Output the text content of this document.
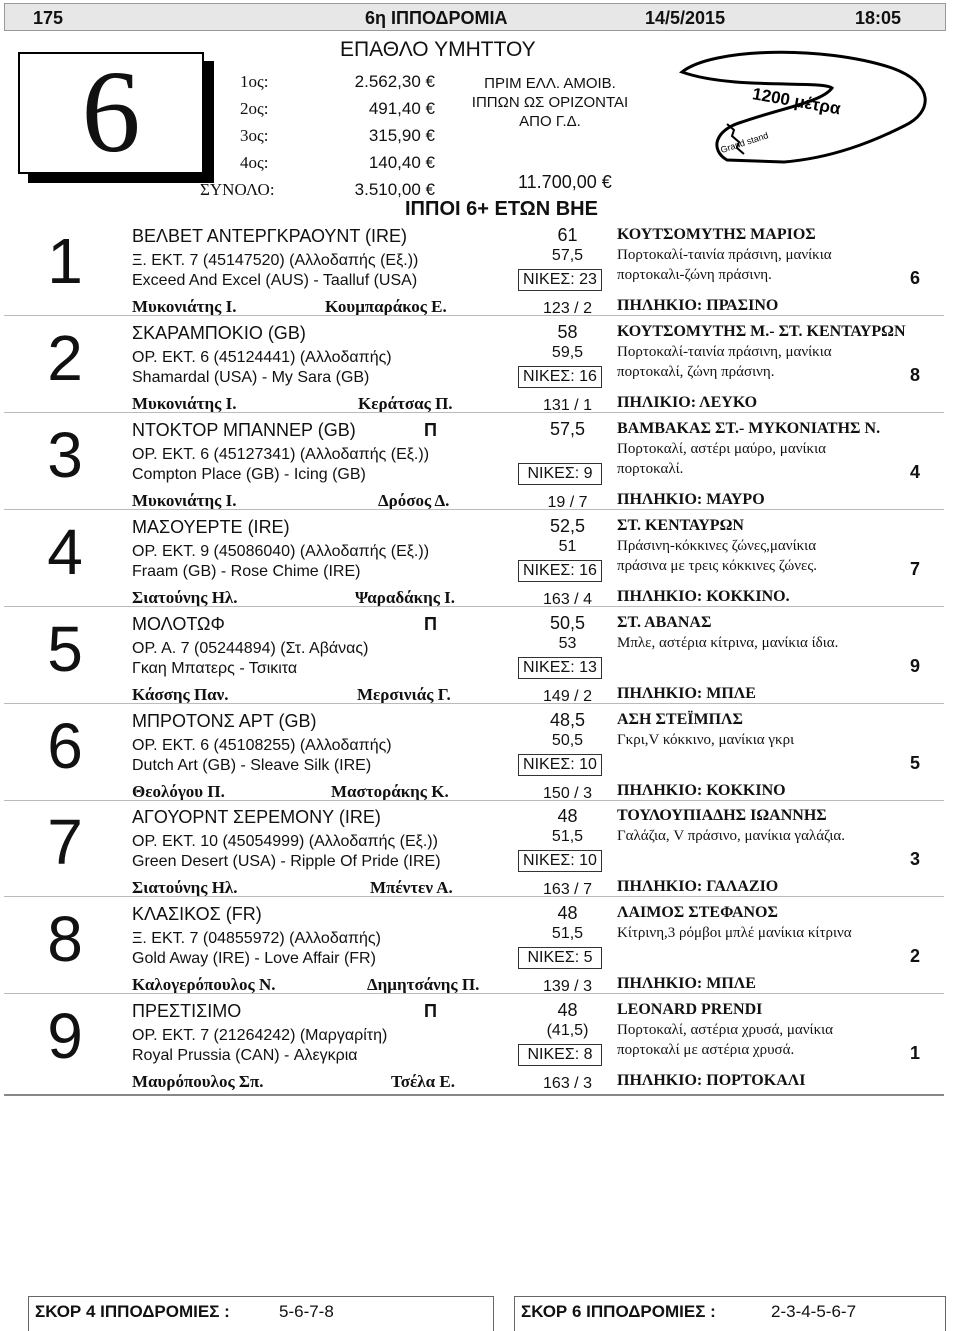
175	6η ΙΠΠΟΔΡΟΜΙΑ	14/5/2015	18:05
ΕΠΑΘΛΟ ΥΜΗΤΤΟΥ
6	1ος:	2.562,30 €
2ος:	491,40 €
3ος:	315,90 €
4ος:	140,40 €
ΣΥΝΟΛΟ:	3.510,00 €
ΠΡΙΜ ΕΛΛ. ΑΜΟΙΒ.
ΙΠΠΩΝ ΩΣ ΟΡΙΖΟΝΤΑΙ
ΑΠΟ Γ.Δ.
11.700,00 €
1200 μέτρα
Grand stand
ΙΠΠΟΙ 6+ ΕΤΩΝ ΒΗΕ
1	ΒΕΛΒΕΤ ΑΝΤΕΡΓΚΡΑΟΥΝΤ (IRE)
Ξ. ΕΚΤ. 7 (45147520) (Αλλοδαπής (Εξ.))
Exceed And Excel (AUS) - Taalluf (USA)
Μυκονιάτης Ι.	Κουμπαράκος Ε.
61
57,5
ΝΙΚΕΣ: 23
123 / 2
ΚΟΥΤΣΟΜΥΤΗΣ ΜΑΡΙΟΣ
Πορτοκαλί-ταινία πράσινη, μανίκια
πορτοκαλι-ζώνη πράσινη.
ΠΗΛΗΚΙΟ: ΠΡΑΣΙΝΟ
6
2	ΣΚΑΡΑΜΠΟΚΙΟ (GB)
ΟΡ. ΕΚΤ. 6 (45124441) (Αλλοδαπής)
Shamardal (USA) - My Sara (GB)
Μυκονιάτης Ι.	Κεράτσας Π.
58
59,5
ΝΙΚΕΣ: 16
131 / 1
ΚΟΥΤΣΟΜΥΤΗΣ Μ.- ΣΤ. ΚΕΝΤΑΥΡΩΝ
Πορτοκαλί-ταινία πράσινη, μανίκια
πορτοκαλί, ζώνη πράσινη.
ΠΗΛΙΚΙΟ: ΛΕΥΚΟ
8
3	ΝΤΟΚΤΟΡ ΜΠΑΝΝΕΡ (GB)	Π
ΟΡ. ΕΚΤ. 6 (45127341) (Αλλοδαπής (Εξ.))
Compton Place (GB) - Icing (GB)
Μυκονιάτης Ι.	Δρόσος Δ.
57,5
ΝΙΚΕΣ: 9
19 / 7
ΒΑΜΒΑΚΑΣ ΣΤ.- ΜΥΚΟΝΙΑΤΗΣ Ν.
Πορτοκαλί, αστέρι μαύρο, μανίκια
πορτοκαλί.
ΠΗΛΗΚΙΟ: ΜΑΥΡΟ
4
4	ΜΑΣΟΥΕΡΤΕ (IRE)
ΟΡ. ΕΚΤ. 9 (45086040) (Αλλοδαπής (Εξ.))
Fraam (GB) - Rose Chime (IRE)
Σιατούνης Ηλ.	Ψαραδάκης Ι.
52,5
51
ΝΙΚΕΣ: 16
163 / 4
ΣΤ. ΚΕΝΤΑΥΡΩΝ
Πράσινη-κόκκινες ζώνες,μανίκια
πράσινα με τρεις κόκκινες ζώνες.
ΠΗΛΗΚΙΟ: ΚΟΚΚΙΝΟ.
7
5	ΜΟΛΟΤΩΦ	Π
ΟΡ. Α. 7 (05244894) (Στ. Αβάνας)
Γκαη Μπατερς - Τσικιτα
Κάσσης Παν.	Μερσινιάς Γ.
50,5
53
ΝΙΚΕΣ: 13
149 / 2
ΣΤ. ΑΒΑΝΑΣ
Μπλε, αστέρια κίτρινα, μανίκια ίδια.
ΠΗΛΗΚΙΟ: ΜΠΛΕ
9
6	ΜΠΡΟΤΟΝΣ ΑΡΤ (GB)
ΟΡ. ΕΚΤ. 6 (45108255) (Αλλοδαπής)
Dutch Art (GB) - Sleave Silk (IRE)
Θεολόγου Π.	Μαστοράκης Κ.
48,5
50,5
ΝΙΚΕΣ: 10
150 / 3
ΑΣΗ ΣΤΕΪΜΠΛΣ
Γκρι,V κόκκινο, μανίκια γκρι
ΠΗΛΗΚΙΟ: ΚΟΚΚΙΝΟ
5
7	ΑΓΟΥΟΡΝΤ ΣΕΡΕΜΟΝΥ (IRE)
ΟΡ. ΕΚΤ. 10 (45054999) (Αλλοδαπής (Εξ.))
Green Desert (USA) - Ripple Of Pride (IRE)
Σιατούνης Ηλ.	Μπέντεν Α.
48
51,5
ΝΙΚΕΣ: 10
163 / 7
ΤΟΥΛΟΥΠΙΑΔΗΣ ΙΩΑΝΝΗΣ
Γαλάζια, V πράσινο, μανίκια γαλάζια.
ΠΗΛΗΚΙΟ: ΓΑΛΑΖΙΟ
3
8	ΚΛΑΣΙΚΟΣ (FR)
Ξ. ΕΚΤ. 7 (04855972) (Αλλοδαπής)
Gold Away (IRE) - Love Affair (FR)
Καλογερόπουλος Ν.	Δημητσάνης Π.
48
51,5
ΝΙΚΕΣ: 5
139 / 3
ΛΑΙΜΟΣ ΣΤΕΦΑΝΟΣ
Κίτρινη,3 ρόμβοι μπλέ μανίκια κίτρινα
ΠΗΛΗΚΙΟ: ΜΠΛΕ
2
9	ΠΡΕΣΤΙΣΙΜΟ	Π
ΟΡ. ΕΚΤ. 7 (21264242) (Μαργαρίτη)
Royal Prussia (CAN) - Αλεγκρια
Μαυρόπουλος Σπ.	Τσέλα Ε.
48
(41,5)
ΝΙΚΕΣ: 8
163 / 3
LEONARD PRENDI
Πορτοκαλί, αστέρια χρυσά, μανίκια
πορτοκαλί με αστέρια χρυσά.
ΠΗΛΗΚΙΟ: ΠΟΡΤΟΚΑΛΙ
1
ΣΚΟΡ 4 ΙΠΠΟΔΡΟΜΙΕΣ :	5-6-7-8	ΣΚΟΡ 6 ΙΠΠΟΔΡΟΜΙΕΣ :	2-3-4-5-6-7
